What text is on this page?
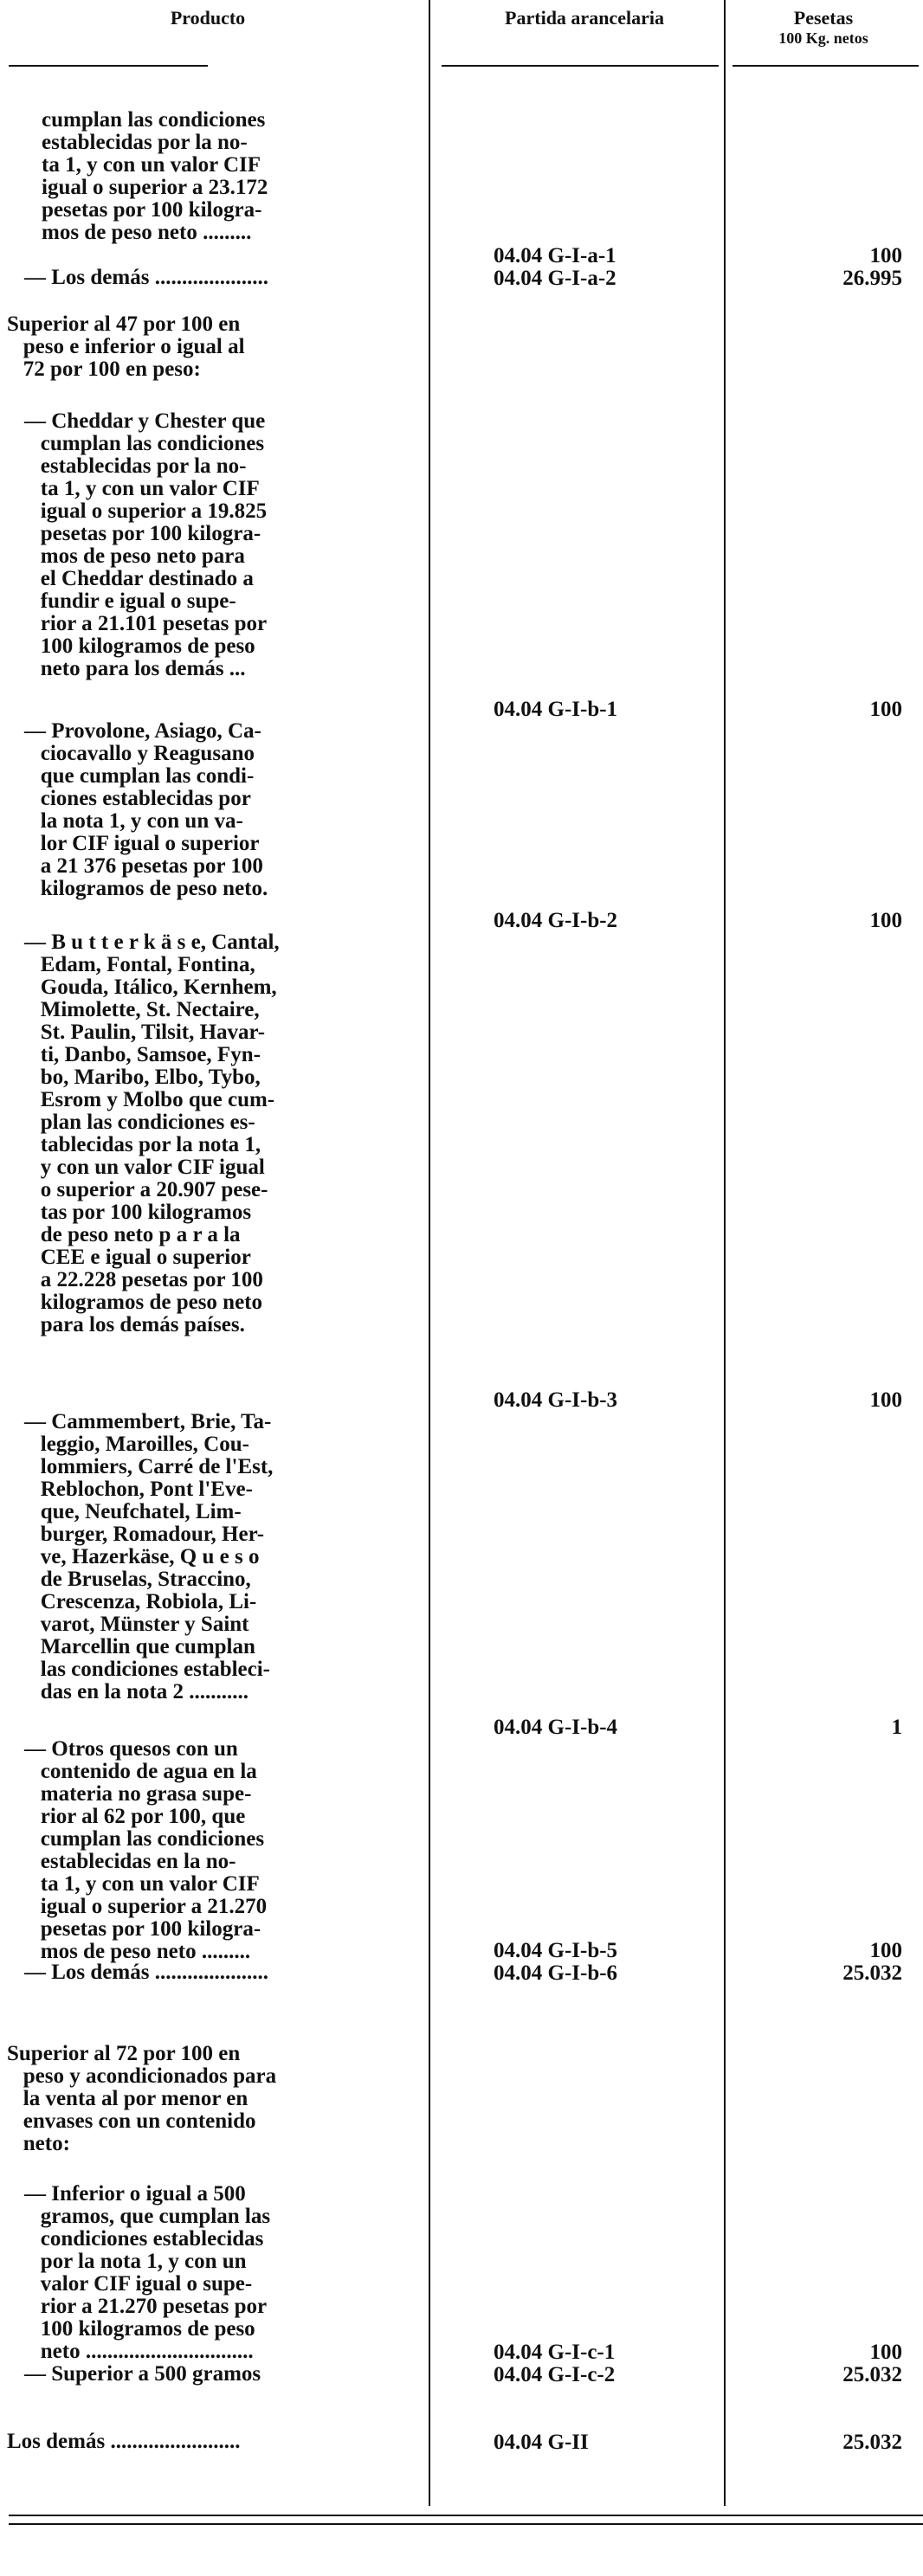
Producto	Partida arancelaria	Pesetas
100 Kg. netos
cumplan las condiciones
establecidas por la no-
ta 1, y con un valor CIF
igual o superior a 23.172
pesetas por 100 kilogra-
mos de peso neto .........
04.04 G-I-a-1	100
— Los demás .....................	04.04 G-I-a-2	26.995
Superior al 47 por 100 en
peso e inferior o igual al
72 por 100 en peso:
— Cheddar y Chester que
cumplan las condiciones
establecidas por la no-
ta 1, y con un valor CIF
igual o superior a 19.825
pesetas por 100 kilogra-
mos de peso neto para
el Cheddar destinado a
fundir e igual o supe-
rior a 21.101 pesetas por
100 kilogramos de peso
neto para los demás ...
04.04 G-I-b-1	100
— Provolone, Asiago, Ca-
ciocavallo y Reagusano
que cumplan las condi-
ciones establecidas por
la nota 1, y con un va-
lor CIF igual o superior
a 21 376 pesetas por 100
kilogramos de peso neto.
04.04 G-I-b-2	100
— B u t t e r k ä s e, Cantal,
Edam, Fontal, Fontina,
Gouda, Itálico, Kernhem,
Mimolette, St. Nectaire,
St. Paulin, Tilsit, Havar-
ti, Danbo, Samsoe, Fyn-
bo, Maribo, Elbo, Tybo,
Esrom y Molbo que cum-
plan las condiciones es-
tablecidas por la nota 1,
y con un valor CIF igual
o superior a 20.907 pese-
tas por 100 kilogramos
de peso neto p a r a la
CEE e igual o superior
a 22.228 pesetas por 100
kilogramos de peso neto
para los demás países.
04.04 G-I-b-3	100
— Cammembert, Brie, Ta-
leggio, Maroilles, Cou-
lommiers, Carré de l'Est,
Reblochon, Pont l'Eve-
que, Neufchatel, Lim-
burger, Romadour, Her-
ve, Hazerkäse, Q u e s o
de Bruselas, Straccino,
Crescenza, Robiola, Li-
varot, Münster y Saint
Marcellin que cumplan
las condiciones estableci-
das en la nota 2 ...........
04.04 G-I-b-4	1
— Otros quesos con un
contenido de agua en la
materia no grasa supe-
rior al 62 por 100, que
cumplan las condiciones
establecidas en la no-
ta 1, y con un valor CIF
igual o superior a 21.270
pesetas por 100 kilogra-
mos de peso neto .........	04.04 G-I-b-5	100
— Los demás .....................	04.04 G-I-b-6	25.032
Superior al 72 por 100 en
peso y acondicionados para
la venta al por menor en
envases con un contenido
neto:
— Inferior o igual a 500
gramos, que cumplan las
condiciones establecidas
por la nota 1, y con un
valor CIF igual o supe-
rior a 21.270 pesetas por
100 kilogramos de peso
neto ...............................	04.04 G-I-c-1	100
— Superior a 500 gramos	04.04 G-I-c-2	25.032
Los demás ........................	04.04 G-II	25.032
